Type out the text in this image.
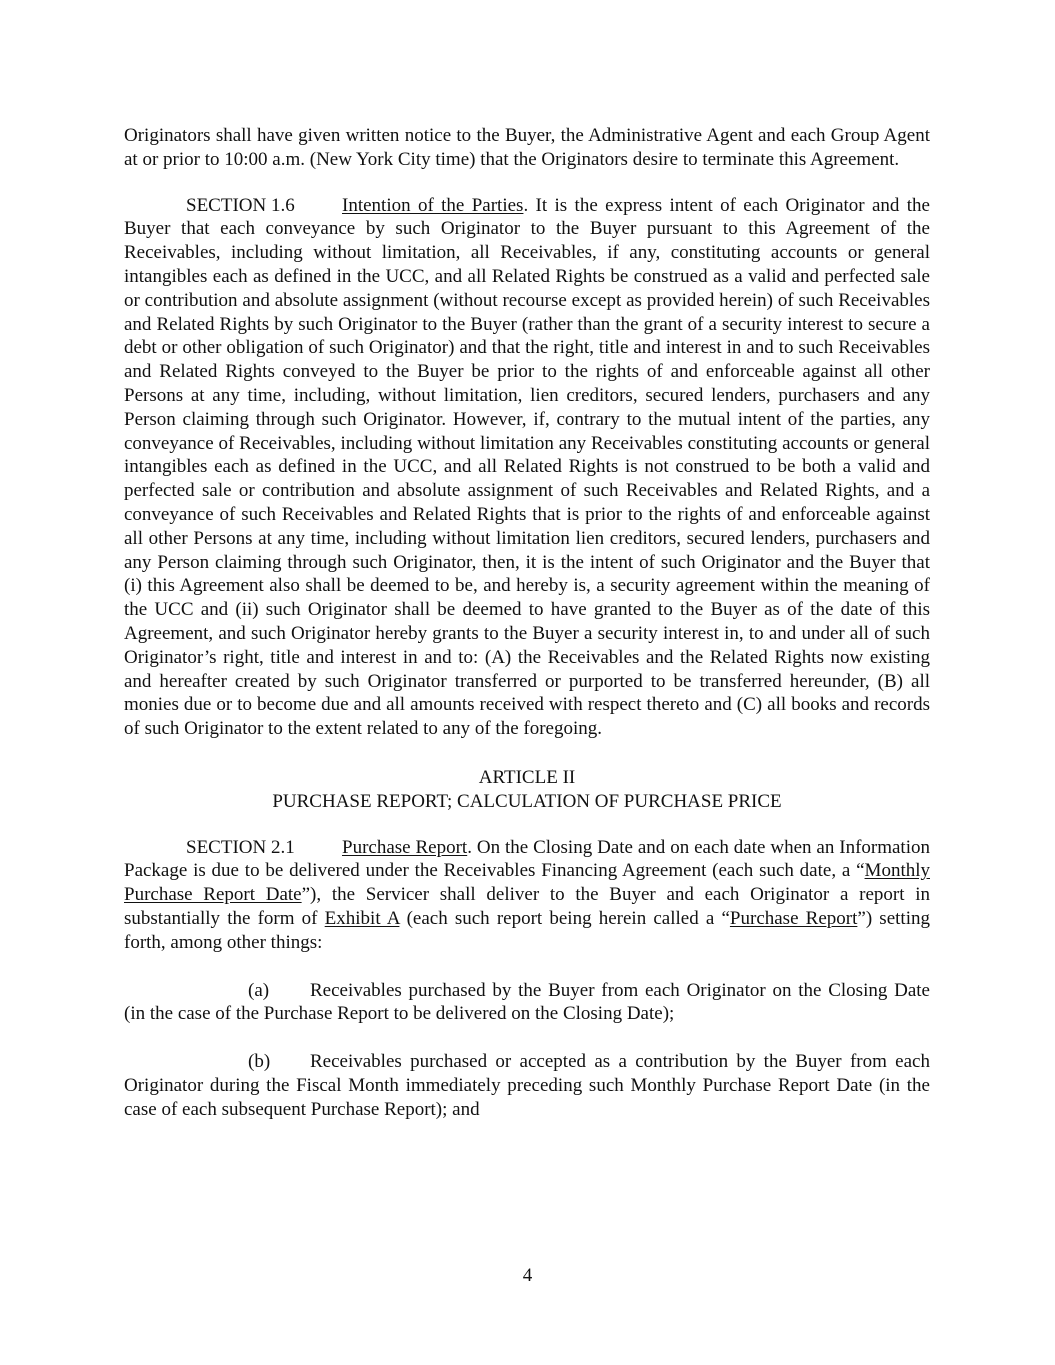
Originators shall have given written notice to the Buyer, the Administrative Agent and each Group Agent at or prior to 10:00 a.m. (New York City time) that the Originators desire to terminate this Agreement.

SECTION 1.6 Intention of the Parties. It is the express intent of each Originator and the Buyer that each conveyance by such Originator to the Buyer pursuant to this Agreement of the Receivables, including without limitation, all Receivables, if any, constituting accounts or general intangibles each as defined in the UCC, and all Related Rights be construed as a valid and perfected sale or contribution and absolute assignment (without recourse except as provided herein) of such Receivables and Related Rights by such Originator to the Buyer (rather than the grant of a security interest to secure a debt or other obligation of such Originator) and that the right, title and interest in and to such Receivables and Related Rights conveyed to the Buyer be prior to the rights of and enforceable against all other Persons at any time, including, without limitation, lien creditors, secured lenders, purchasers and any Person claiming through such Originator. However, if, contrary to the mutual intent of the parties, any conveyance of Receivables, including without limitation any Receivables constituting accounts or general intangibles each as defined in the UCC, and all Related Rights is not construed to be both a valid and perfected sale or contribution and absolute assignment of such Receivables and Related Rights, and a conveyance of such Receivables and Related Rights that is prior to the rights of and enforceable against all other Persons at any time, including without limitation lien creditors, secured lenders, purchasers and any Person claiming through such Originator, then, it is the intent of such Originator and the Buyer that (i) this Agreement also shall be deemed to be, and hereby is, a security agreement within the meaning of the UCC and (ii) such Originator shall be deemed to have granted to the Buyer as of the date of this Agreement, and such Originator hereby grants to the Buyer a security interest in, to and under all of such Originator’s right, title and interest in and to: (A) the Receivables and the Related Rights now existing and hereafter created by such Originator transferred or purported to be transferred hereunder, (B) all monies due or to become due and all amounts received with respect thereto and (C) all books and records of such Originator to the extent related to any of the foregoing.

ARTICLE II
PURCHASE REPORT; CALCULATION OF PURCHASE PRICE

SECTION 2.1 Purchase Report. On the Closing Date and on each date when an Information Package is due to be delivered under the Receivables Financing Agreement (each such date, a “Monthly Purchase Report Date”), the Servicer shall deliver to the Buyer and each Originator a report in substantially the form of Exhibit A (each such report being herein called a “Purchase Report”) setting forth, among other things:

(a) Receivables purchased by the Buyer from each Originator on the Closing Date (in the case of the Purchase Report to be delivered on the Closing Date);

(b) Receivables purchased or accepted as a contribution by the Buyer from each Originator during the Fiscal Month immediately preceding such Monthly Purchase Report Date (in the case of each subsequent Purchase Report); and

4
